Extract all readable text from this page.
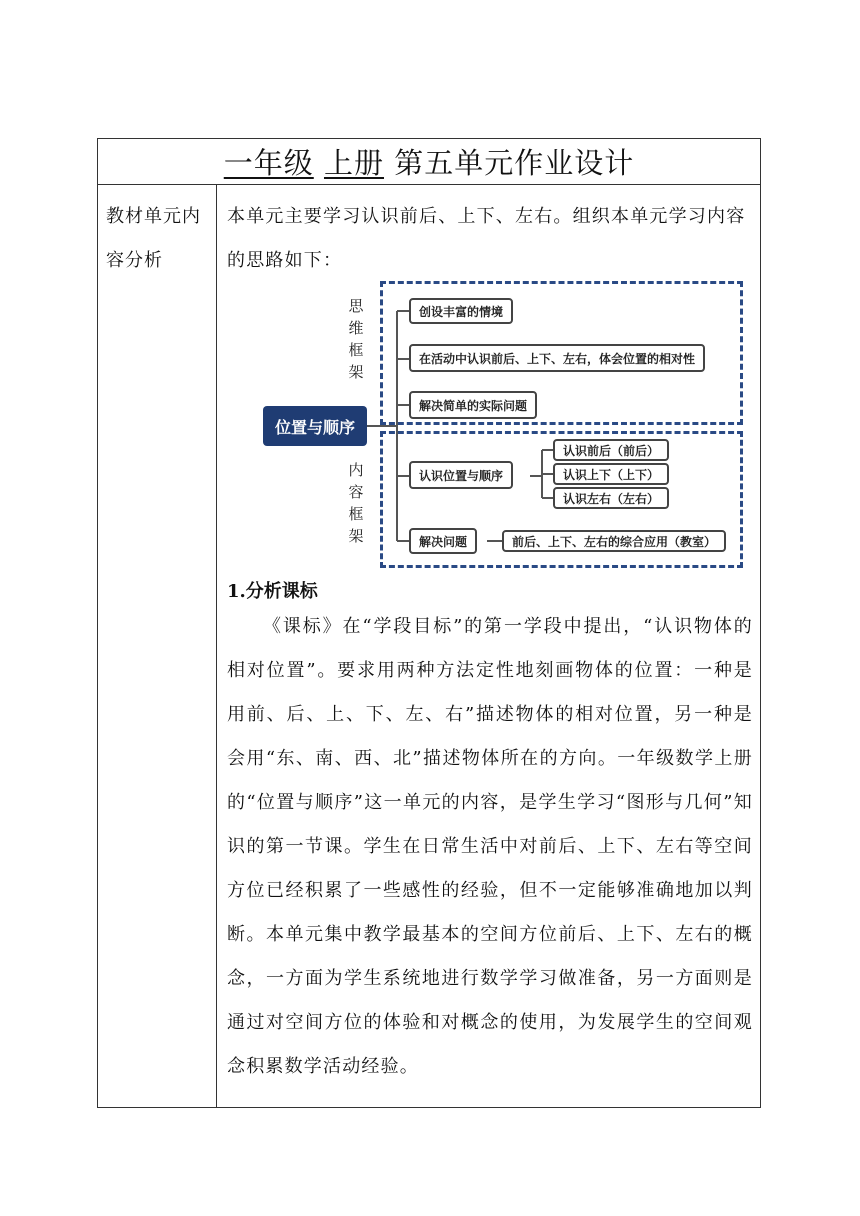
一年级 上册 第五单元作业设计
教材单元内容分析
本单元主要学习认识前后、上下、左右。组织本单元学习内容的思路如下：
思维框架
内容框架
位置与顺序
创设丰富的情境
在活动中认识前后、上下、左右，体会位置的相对性
解决简单的实际问题
认识位置与顺序
解决问题
认识前后（前后）
认识上下（上下）
认识左右（左右）
前后、上下、左右的综合应用（教室）
1.分析课标
《课标》在“学段目标”的第一学段中提出，“认识物体的相对位置”。要求用两种方法定性地刻画物体的位置：一种是用前、后、上、下、左、右”描述物体的相对位置，另一种是会用“东、南、西、北”描述物体所在的方向。一年级数学上册的“位置与顺序”这一单元的内容，是学生学习“图形与几何”知识的第一节课。学生在日常生活中对前后、上下、左右等空间方位已经积累了一些感性的经验，但不一定能够准确地加以判断。本单元集中教学最基本的空间方位前后、上下、左右的概念，一方面为学生系统地进行数学学习做准备，另一方面则是通过对空间方位的体验和对概念的使用，为发展学生的空间观念积累数学活动经验。
